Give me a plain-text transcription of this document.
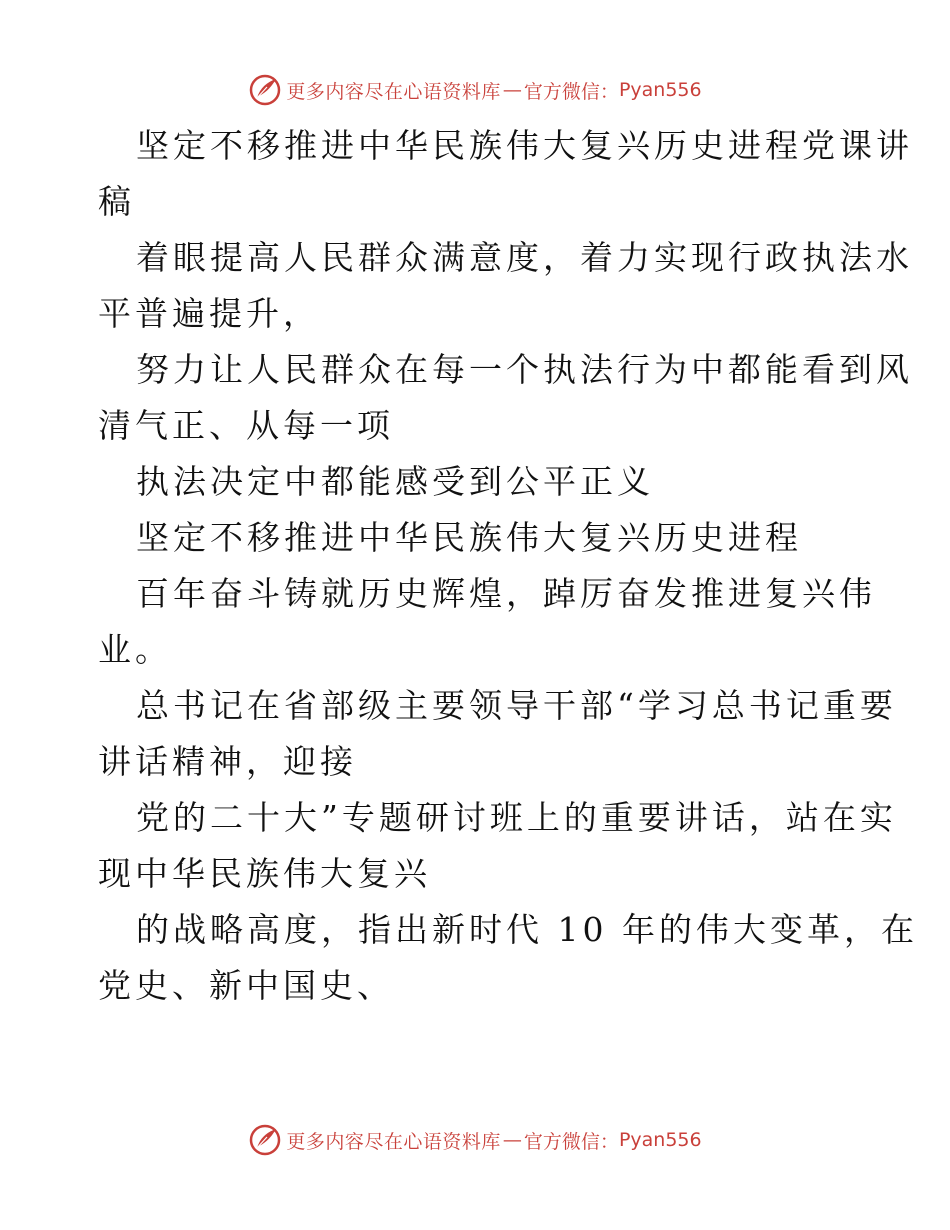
更多内容尽在心语资料库 — 官方微信： Pyan556
坚定不移推进中华民族伟大复兴历史进程党课讲
稿
着眼提高人民群众满意度，着力实现行政执法水
平普遍提升，
努力让人民群众在每一个执法行为中都能看到风
清气正、从每一项
执法决定中都能感受到公平正义
坚定不移推进中华民族伟大复兴历史进程
百年奋斗铸就历史辉煌，踔厉奋发推进复兴伟
业。
总书记在省部级主要领导干部“学习总书记重要
讲话精神，迎接
党的二十大”专题研讨班上的重要讲话，站在实
现中华民族伟大复兴
的战略高度，指出新时代 10 年的伟大变革，在
党史、新中国史、
更多内容尽在心语资料库 — 官方微信： Pyan556
